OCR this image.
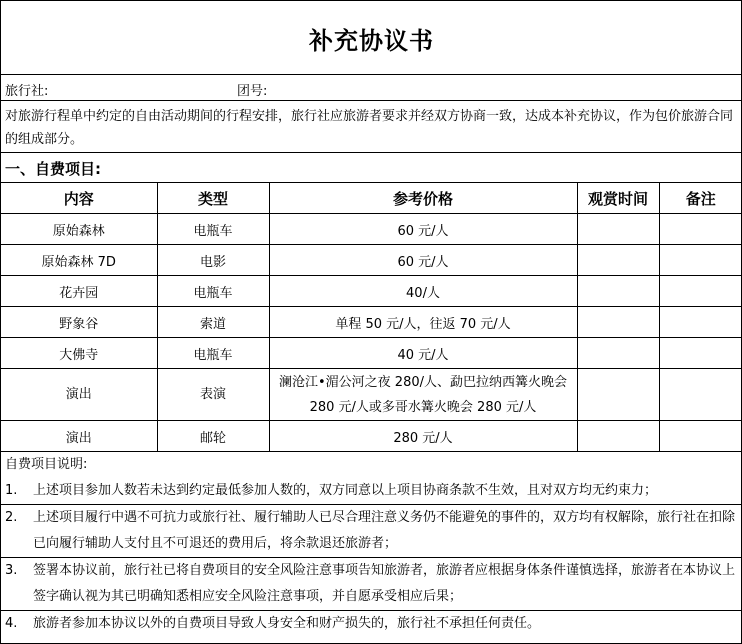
补充协议书
旅行社:	团号:
对旅游行程单中约定的自由活动期间的行程安排，旅行社应旅游者要求并经双方协商一致，达成本补充协议，作为包价旅游合同的组成部分。
一、自费项目:
内容	类型	参考价格	观赏时间	备注
原始森林	电瓶车	60 元/人		
原始森林 7D	电影	60 元/人		
花卉园	电瓶车	40/人		
野象谷	索道	单程 50 元/人，往返 70 元/人		
大佛寺	电瓶车	40 元/人		
演出	表演	澜沧江•湄公河之夜 280/人、勐巴拉纳西篝火晚会 280 元/人或多哥水篝火晚会 280 元/人		
演出	邮轮	280 元/人		
自费项目说明:
1. 上述项目参加人数若未达到约定最低参加人数的，双方同意以上项目协商条款不生效，且对双方均无约束力；
2. 上述项目履行中遇不可抗力或旅行社、履行辅助人已尽合理注意义务仍不能避免的事件的，双方均有权解除，旅行社在扣除已向履行辅助人支付且不可退还的费用后，将余款退还旅游者；
3. 签署本协议前，旅行社已将自费项目的安全风险注意事项告知旅游者，旅游者应根据身体条件谨慎选择，旅游者在本协议上签字确认视为其已明确知悉相应安全风险注意事项，并自愿承受相应后果；
4. 旅游者参加本协议以外的自费项目导致人身安全和财产损失的，旅行社不承担任何责任。
